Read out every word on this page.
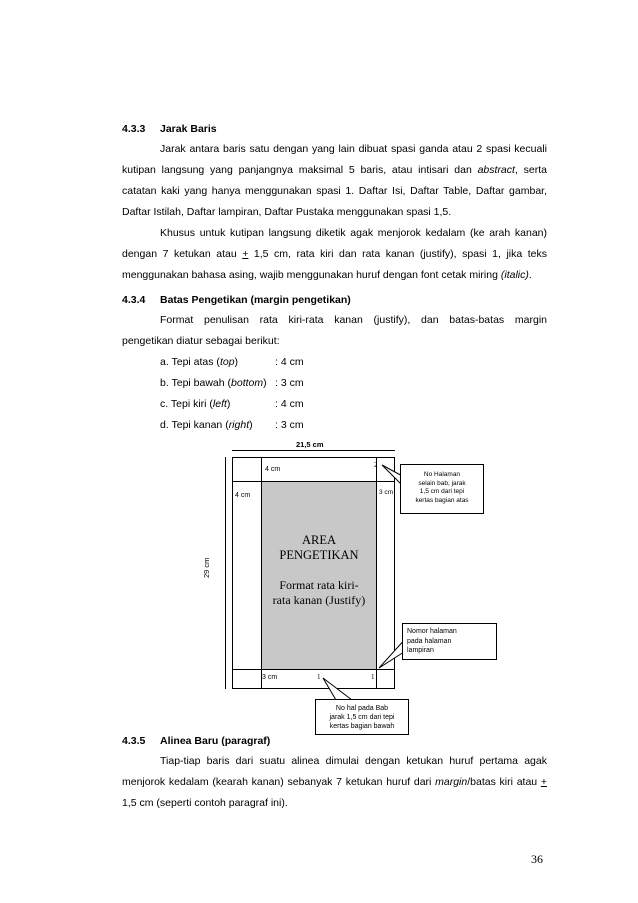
4.3.3 Jarak Baris
Jarak antara baris satu dengan yang lain dibuat spasi ganda atau 2 spasi kecuali
kutipan langsung yang panjangnya maksimal 5 baris, atau intisari dan abstract, serta
catatan kaki yang hanya menggunakan spasi 1. Daftar Isi, Daftar Table, Daftar gambar,
Daftar Istilah, Daftar lampiran, Daftar Pustaka menggunakan spasi 1,5.
Khusus untuk kutipan langsung diketik agak menjorok kedalam (ke arah kanan)
dengan 7 ketukan atau + 1,5 cm, rata kiri dan rata kanan (justify), spasi 1, jika teks
menggunakan bahasa asing, wajib menggunakan huruf dengan font cetak miring (italic).
4.3.4 Batas Pengetikan (margin pengetikan)
Format penulisan rata kiri-rata kanan (justify), dan batas-batas margin
pengetikan diatur sebagai berikut:
a. Tepi atas (top)	: 4 cm
b. Tepi bawah (bottom) : 3 cm
c. Tepi kiri (left)	: 4 cm
d. Tepi kanan (right) : 3 cm
21,5 cm
29 cm
4 cm
4 cm	3 cm
3 cm
2
1	1
AREA
PENGETIKAN
Format rata kiri-
rata kanan (Justify)
No Halaman
selain bab, jarak
1,5 cm dari tepi
kertas bagian atas
Nomor halaman
pada halaman
lampiran
No hal pada Bab
jarak 1,5 cm dari tepi
kertas bagian bawah
4.3.5 Alinea Baru (paragraf)
Tiap-tiap baris dari suatu alinea dimulai dengan ketukan huruf pertama agak
menjorok kedalam (kearah kanan) sebanyak 7 ketukan huruf dari margin/batas kiri atau +
1,5 cm (seperti contoh paragraf ini).
36
